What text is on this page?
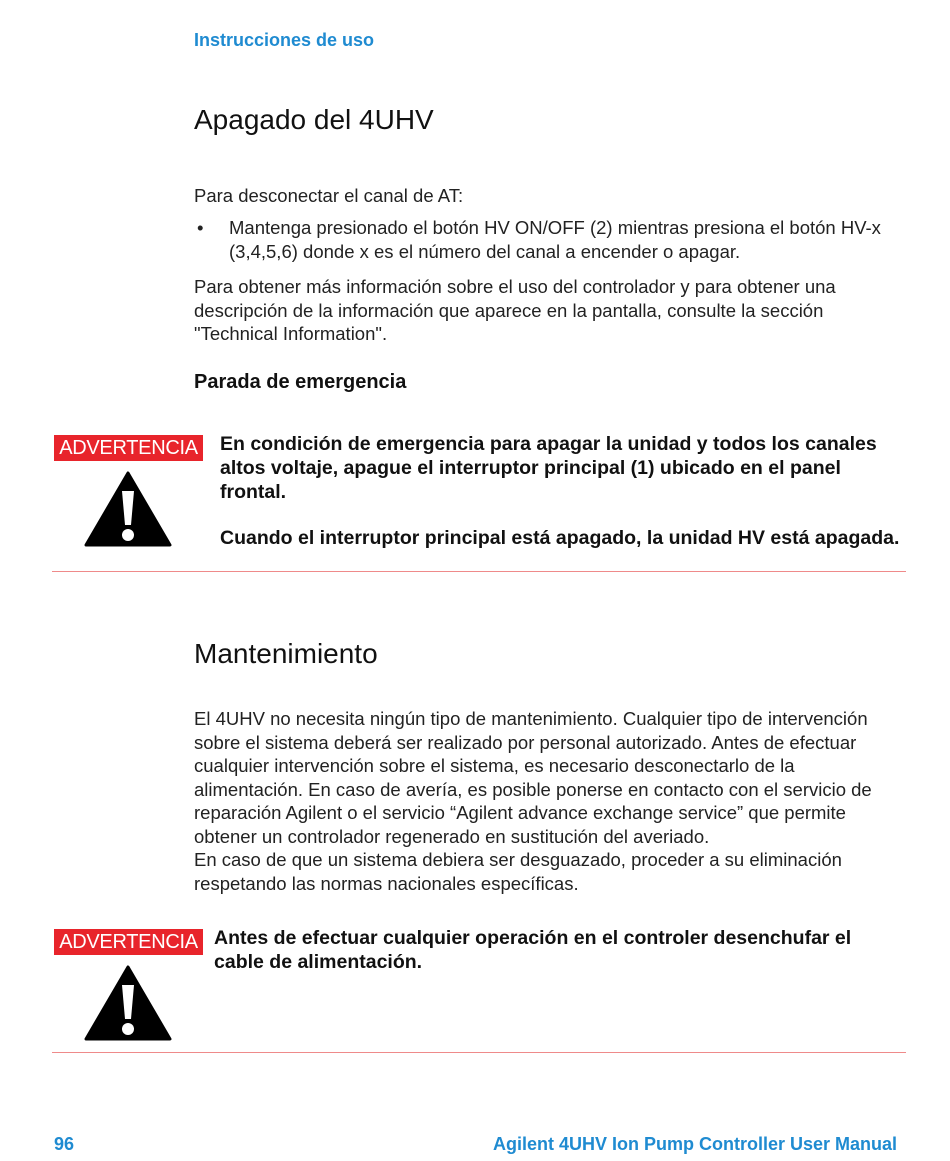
Instrucciones de uso
Apagado del 4UHV

Para desconectar el canal de AT:

• Mantenga presionado el botón HV ON/OFF (2) mientras presiona el botón HV-x (3,4,5,6) donde x es el número del canal a encender o apagar.

Para obtener más información sobre el uso del controlador y para obtener una descripción de la información que aparece en la pantalla, consulte la sección "Technical Information".

Parada de emergencia
ADVERTENCIA En condición de emergencia para apagar la unidad y todos los canales altos voltaje, apague el interruptor principal (1) ubicado en el panel frontal.

Cuando el interruptor principal está apagado, la unidad HV está apagada.

Mantenimiento
El 4UHV no necesita ningún tipo de mantenimiento. Cualquier tipo de intervención sobre el sistema deberá ser realizado por personal autorizado. Antes de efectuar cualquier intervención sobre el sistema, es necesario desconectarlo de la alimentación. En caso de avería, es posible ponerse en contacto con el servicio de reparación Agilent o el servicio “Agilent advance exchange service” que permite obtener un controlador regenerado en sustitución del averiado.
En caso de que un sistema debiera ser desguazado, proceder a su eliminación respetando las normas nacionales específicas.
ADVERTENCIA Antes de efectuar cualquier operación en el controler desenchufar el cable de alimentación.

96	Agilent 4UHV Ion Pump Controller User Manual
